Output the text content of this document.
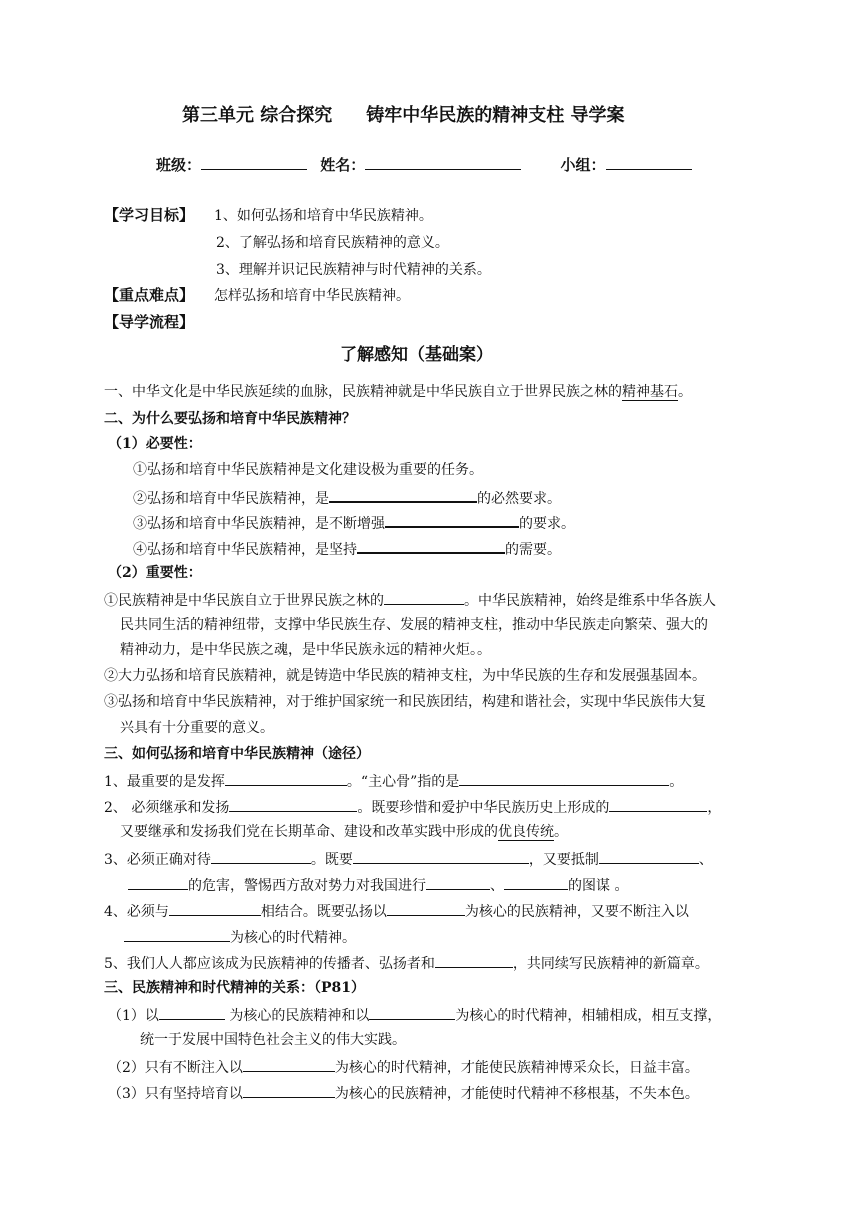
第三单元 综合探究 铸牢中华民族的精神支柱 导学案
班级：	姓名：	小组：
【学习目标】 1、如何弘扬和培育中华民族精神。
2、了解弘扬和培育民族精神的意义。
3、理解并识记民族精神与时代精神的关系。
【重点难点】 怎样弘扬和培育中华民族精神。
【导学流程】
了解感知（基础案）
一、中华文化是中华民族延续的血脉，民族精神就是中华民族自立于世界民族之林的精神基石。
二、为什么要弘扬和培育中华民族精神？
（1）必要性：
①弘扬和培育中华民族精神是文化建设极为重要的任务。
②弘扬和培育中华民族精神，是	的必然要求。
③弘扬和培育中华民族精神，是不断增强	的要求。
④弘扬和培育中华民族精神，是坚持	的需要。
（2）重要性：
①民族精神是中华民族自立于世界民族之林的	。中华民族精神，始终是维系中华各族人
民共同生活的精神纽带，支撑中华民族生存、发展的精神支柱，推动中华民族走向繁荣、强大的
精神动力，是中华民族之魂，是中华民族永远的精神火炬。。
②大力弘扬和培育民族精神，就是铸造中华民族的精神支柱，为中华民族的生存和发展强基固本。
③弘扬和培育中华民族精神，对于维护国家统一和民族团结，构建和谐社会，实现中华民族伟大复
兴具有十分重要的意义。
三、如何弘扬和培育中华民族精神（途径）
1、最重要的是发挥	。“主心骨”指的是	。
2、 必须继承和发扬	。既要珍惜和爱护中华民族历史上形成的	，
又要继承和发扬我们党在长期革命、建设和改革实践中形成的优良传统。
3、必须正确对待	。既要	，又要抵制	、
的危害，警惕西方敌对势力对我国进行	、	的图谋 。
4、必须与	相结合。既要弘扬以	为核心的民族精神，又要不断注入以
为核心的时代精神。
5、我们人人都应该成为民族精神的传播者、弘扬者和	，共同续写民族精神的新篇章。
三、民族精神和时代精神的关系：（P81）
（1）以	为核心的民族精神和以	为核心的时代精神，相辅相成，相互支撑，
统一于发展中国特色社会主义的伟大实践。
（2）只有不断注入以	为核心的时代精神，才能使民族精神博采众长，日益丰富。
（3）只有坚持培育以	为核心的民族精神，才能使时代精神不移根基，不失本色。
